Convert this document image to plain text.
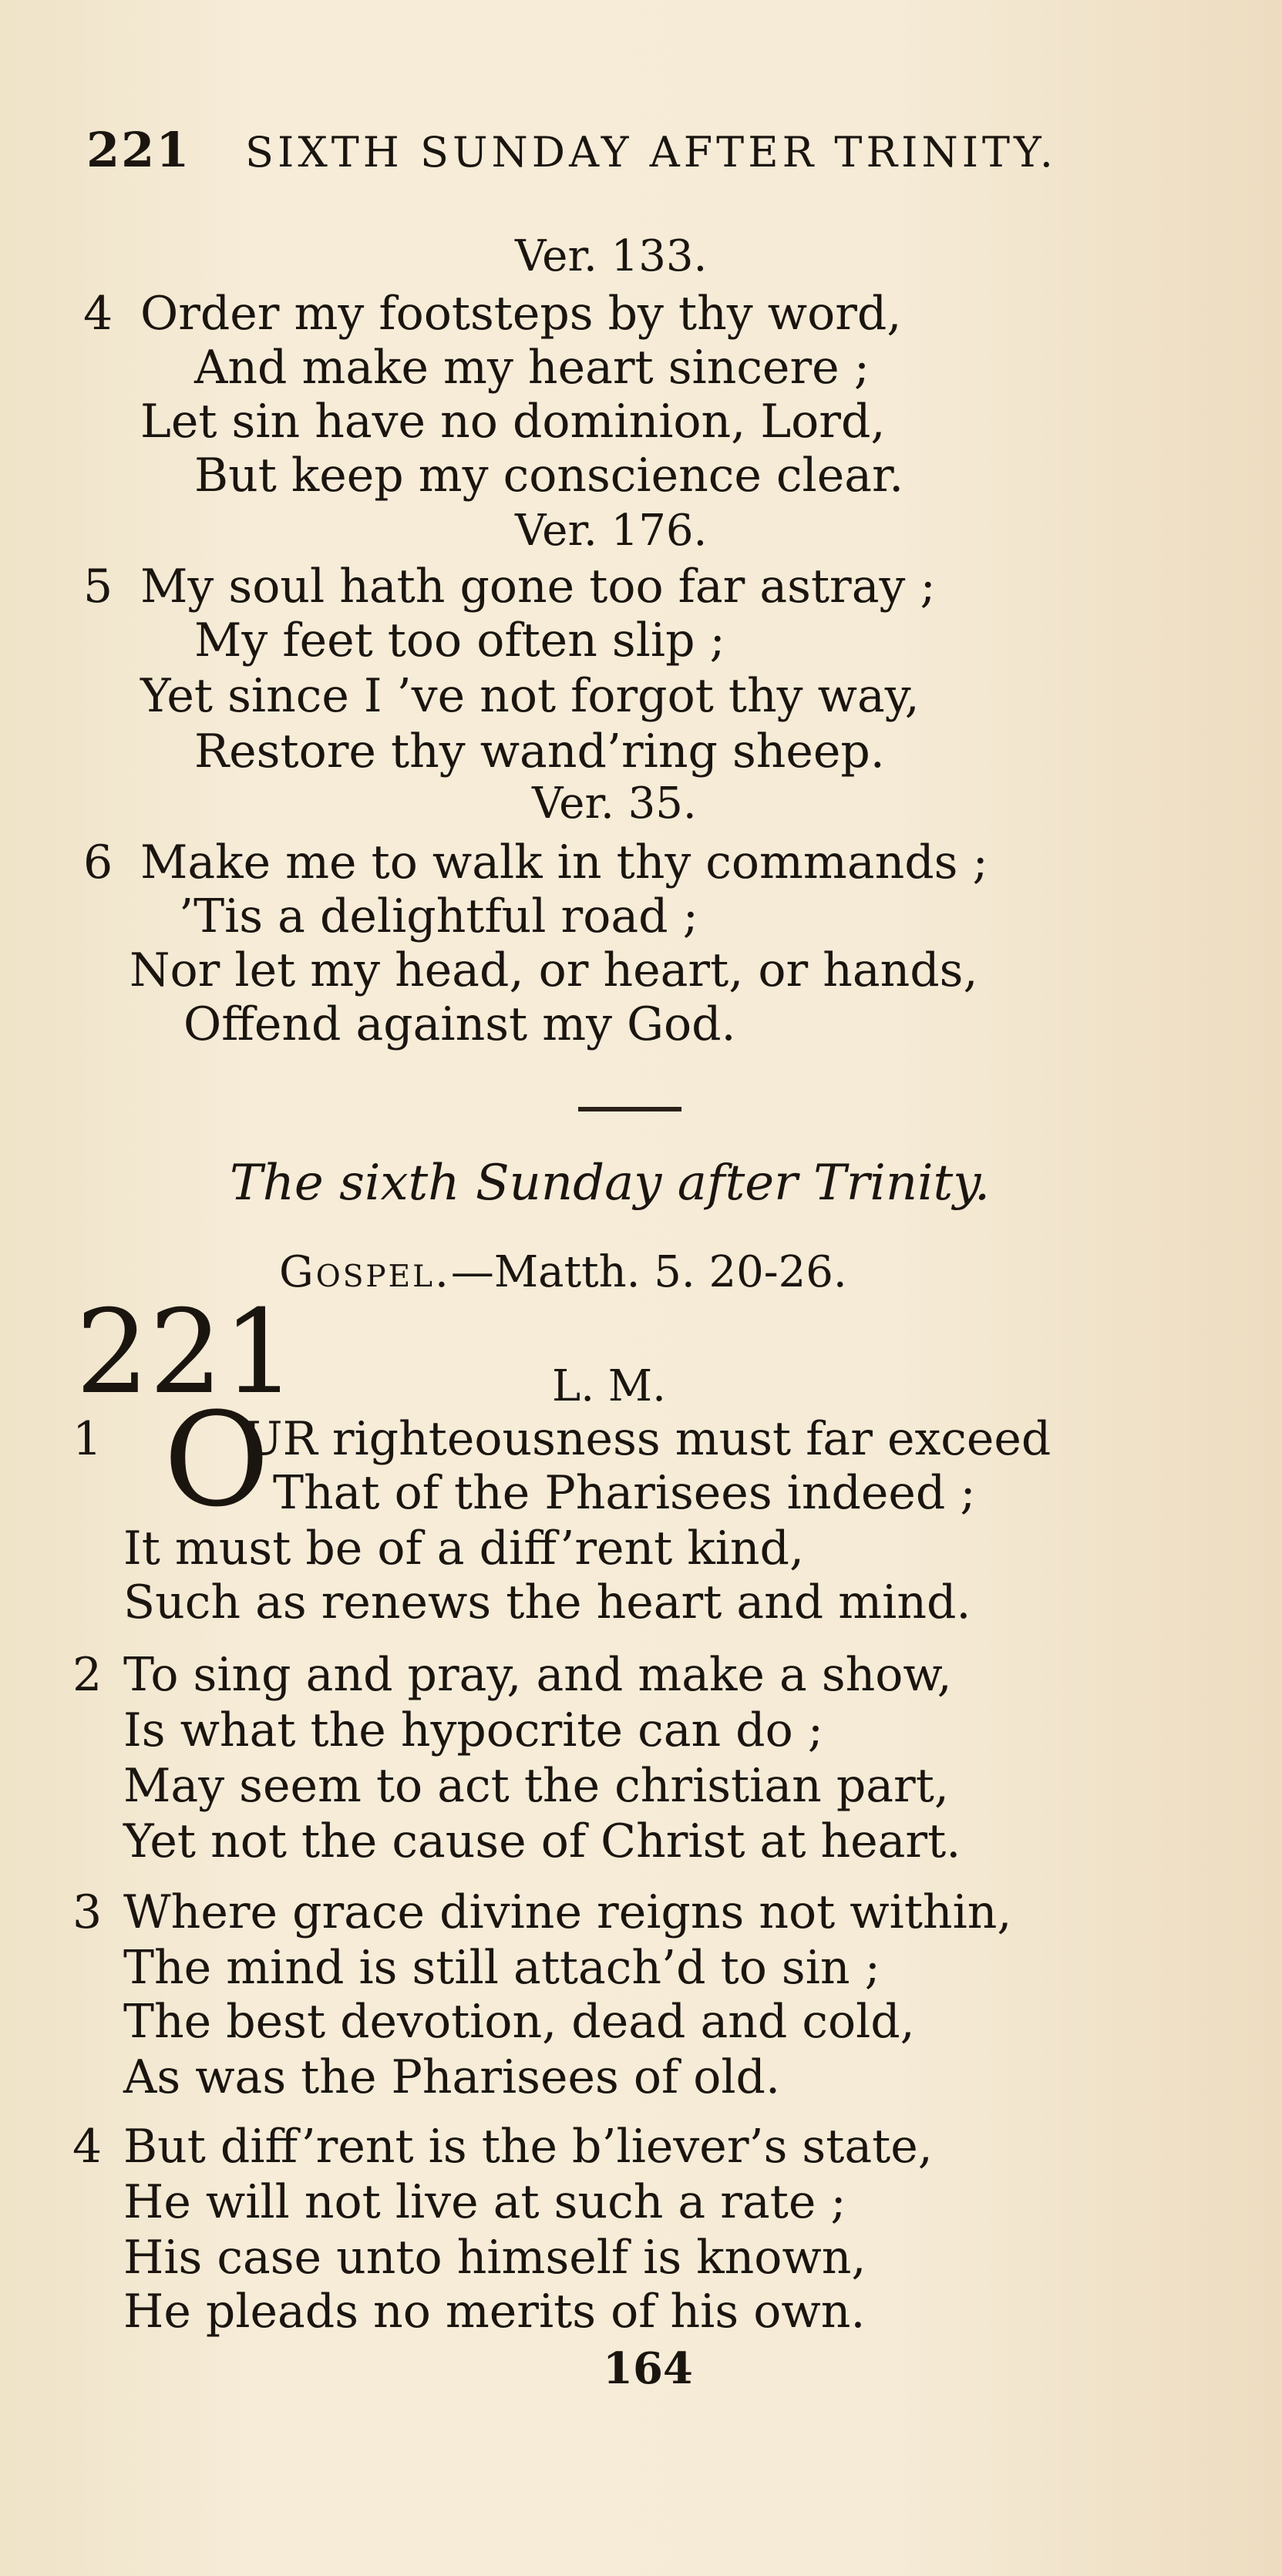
221 SIXTH SUNDAY AFTER TRINITY.
Ver. 133.
4 Order my footsteps by thy word,
And make my heart sincere ;
Let sin have no dominion, Lord,
But keep my conscience clear.
Ver. 176.
5 My soul hath gone too far astray ;
My feet too often slip ;
Yet since I ’ve not forgot thy way,
Restore thy wand’ring sheep.
Ver. 35.
6 Make me to walk in thy commands ;
’Tis a delightful road ;
Nor let my head, or heart, or hands,
Offend against my God.
The sixth Sunday after Trinity.
Gospel.—Matth. 5. 20-26.
221	L. M.
1 O
UR righteousness must far exceed
That of the Pharisees indeed ;
It must be of a diff’rent kind,
Such as renews the heart and mind.
2 To sing and pray, and make a show,
Is what the hypocrite can do ;
May seem to act the christian part,
Yet not the cause of Christ at heart.
3 Where grace divine reigns not within,
The mind is still attach’d to sin ;
The best devotion, dead and cold,
As was the Pharisees of old.
4 But diff’rent is the b’liever’s state,
He will not live at such a rate ;
His case unto himself is known,
He pleads no merits of his own.
164
